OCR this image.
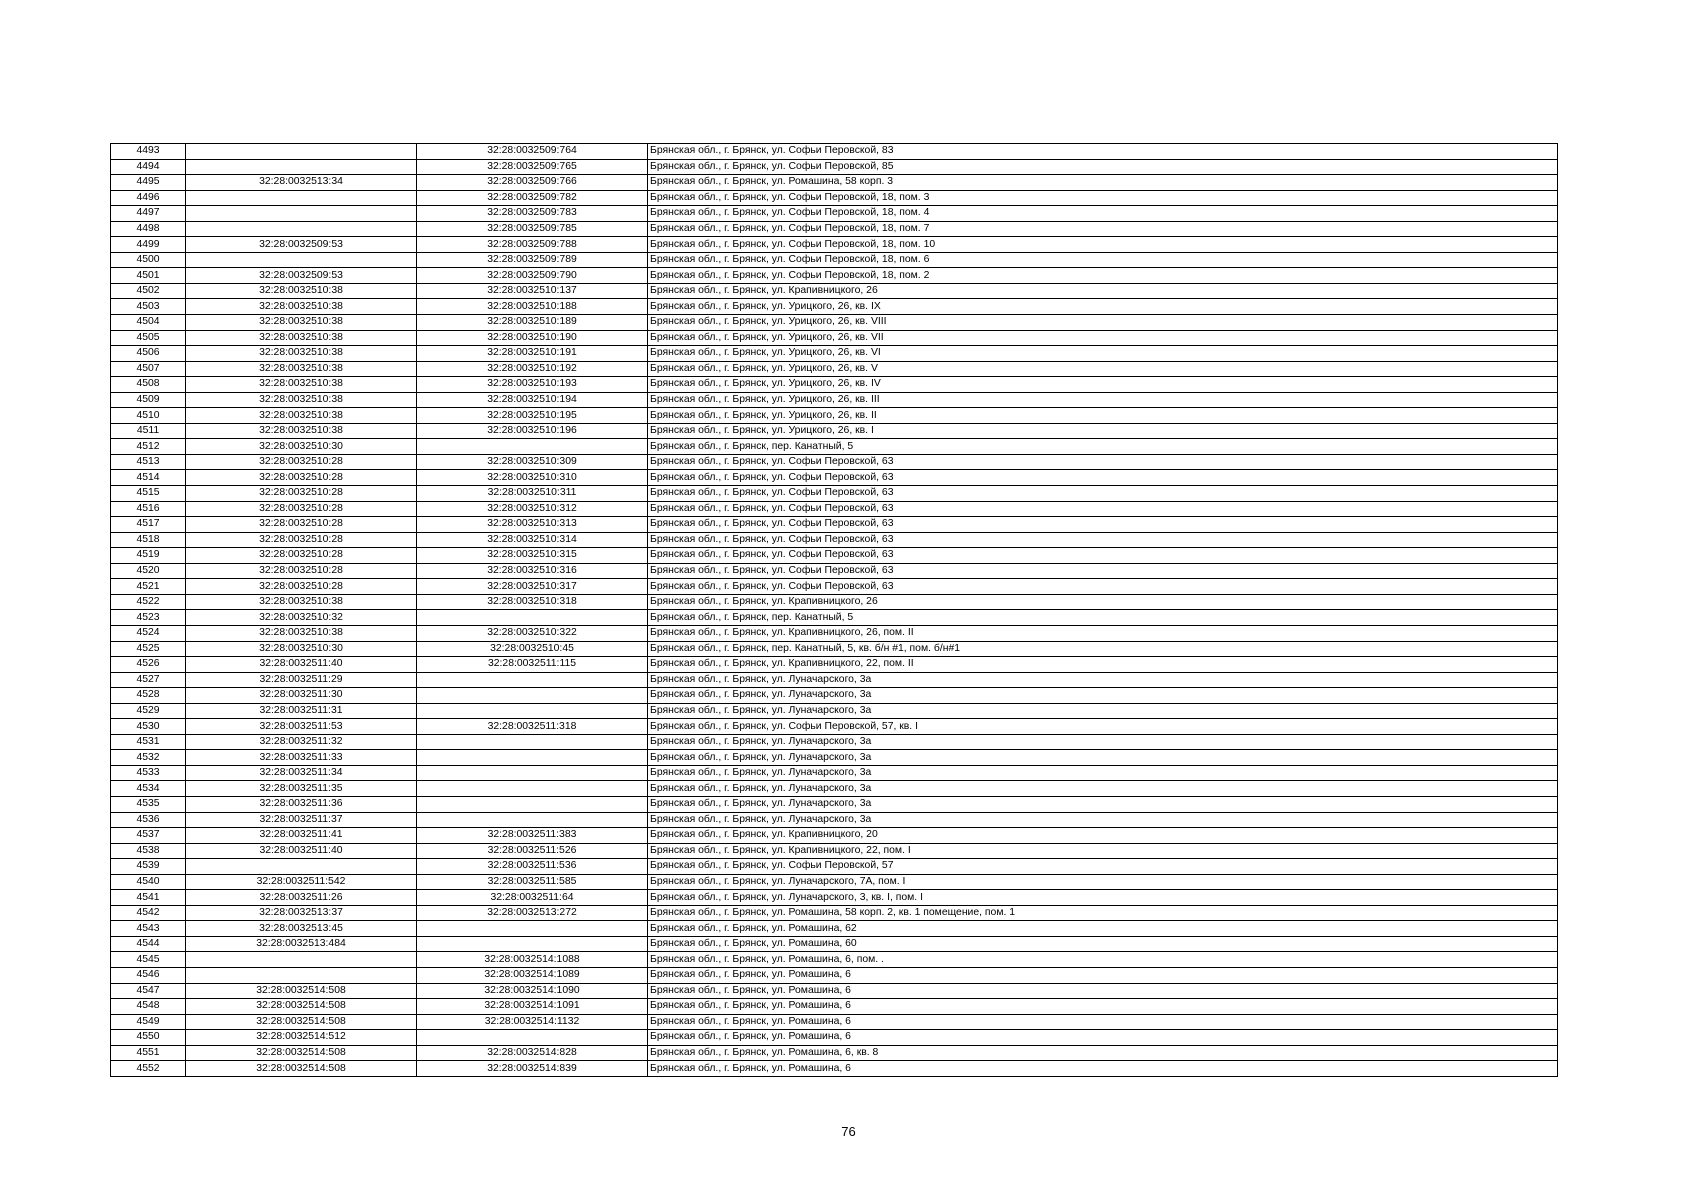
4493		32:28:0032509:764	Брянская обл., г. Брянск, ул. Софьи Перовской, 83
4494		32:28:0032509:765	Брянская обл., г. Брянск, ул. Софьи Перовской, 85
4495	32:28:0032513:34	32:28:0032509:766	Брянская обл., г. Брянск, ул. Ромашина, 58 корп. 3
4496		32:28:0032509:782	Брянская обл., г. Брянск, ул. Софьи Перовской, 18, пом. 3
4497		32:28:0032509:783	Брянская обл., г. Брянск, ул. Софьи Перовской, 18, пом. 4
4498		32:28:0032509:785	Брянская обл., г. Брянск, ул. Софьи Перовской, 18, пом. 7
4499	32:28:0032509:53	32:28:0032509:788	Брянская обл., г. Брянск, ул. Софьи Перовской, 18, пом. 10
4500		32:28:0032509:789	Брянская обл., г. Брянск, ул. Софьи Перовской, 18, пом. 6
4501	32:28:0032509:53	32:28:0032509:790	Брянская обл., г. Брянск, ул. Софьи Перовской, 18, пом. 2
4502	32:28:0032510:38	32:28:0032510:137	Брянская обл., г. Брянск, ул. Крапивницкого, 26
4503	32:28:0032510:38	32:28:0032510:188	Брянская обл., г. Брянск, ул. Урицкого, 26, кв. IX
4504	32:28:0032510:38	32:28:0032510:189	Брянская обл., г. Брянск, ул. Урицкого, 26, кв. VIII
4505	32:28:0032510:38	32:28:0032510:190	Брянская обл., г. Брянск, ул. Урицкого, 26, кв. VII
4506	32:28:0032510:38	32:28:0032510:191	Брянская обл., г. Брянск, ул. Урицкого, 26, кв. VI
4507	32:28:0032510:38	32:28:0032510:192	Брянская обл., г. Брянск, ул. Урицкого, 26, кв. V
4508	32:28:0032510:38	32:28:0032510:193	Брянская обл., г. Брянск, ул. Урицкого, 26, кв. IV
4509	32:28:0032510:38	32:28:0032510:194	Брянская обл., г. Брянск, ул. Урицкого, 26, кв. III
4510	32:28:0032510:38	32:28:0032510:195	Брянская обл., г. Брянск, ул. Урицкого, 26, кв. II
4511	32:28:0032510:38	32:28:0032510:196	Брянская обл., г. Брянск, ул. Урицкого, 26, кв. I
4512	32:28:0032510:30		Брянская обл., г. Брянск, пер. Канатный, 5
4513	32:28:0032510:28	32:28:0032510:309	Брянская обл., г. Брянск, ул. Софьи Перовской, 63
4514	32:28:0032510:28	32:28:0032510:310	Брянская обл., г. Брянск, ул. Софьи Перовской, 63
4515	32:28:0032510:28	32:28:0032510:311	Брянская обл., г. Брянск, ул. Софьи Перовской, 63
4516	32:28:0032510:28	32:28:0032510:312	Брянская обл., г. Брянск, ул. Софьи Перовской, 63
4517	32:28:0032510:28	32:28:0032510:313	Брянская обл., г. Брянск, ул. Софьи Перовской, 63
4518	32:28:0032510:28	32:28:0032510:314	Брянская обл., г. Брянск, ул. Софьи Перовской, 63
4519	32:28:0032510:28	32:28:0032510:315	Брянская обл., г. Брянск, ул. Софьи Перовской, 63
4520	32:28:0032510:28	32:28:0032510:316	Брянская обл., г. Брянск, ул. Софьи Перовской, 63
4521	32:28:0032510:28	32:28:0032510:317	Брянская обл., г. Брянск, ул. Софьи Перовской, 63
4522	32:28:0032510:38	32:28:0032510:318	Брянская обл., г. Брянск, ул. Крапивницкого, 26
4523	32:28:0032510:32		Брянская обл., г. Брянск, пер. Канатный, 5
4524	32:28:0032510:38	32:28:0032510:322	Брянская обл., г. Брянск, ул. Крапивницкого, 26, пом. II
4525	32:28:0032510:30	32:28:0032510:45	Брянская обл., г. Брянск, пер. Канатный, 5, кв. б/н #1, пом. б/н#1
4526	32:28:0032511:40	32:28:0032511:115	Брянская обл., г. Брянск, ул. Крапивницкого, 22, пом. II
4527	32:28:0032511:29		Брянская обл., г. Брянск, ул. Луначарского, 3а
4528	32:28:0032511:30		Брянская обл., г. Брянск, ул. Луначарского, 3а
4529	32:28:0032511:31		Брянская обл., г. Брянск, ул. Луначарского, 3а
4530	32:28:0032511:53	32:28:0032511:318	Брянская обл., г. Брянск, ул. Софьи Перовской, 57, кв. I
4531	32:28:0032511:32		Брянская обл., г. Брянск, ул. Луначарского, 3а
4532	32:28:0032511:33		Брянская обл., г. Брянск, ул. Луначарского, 3а
4533	32:28:0032511:34		Брянская обл., г. Брянск, ул. Луначарского, 3а
4534	32:28:0032511:35		Брянская обл., г. Брянск, ул. Луначарского, 3а
4535	32:28:0032511:36		Брянская обл., г. Брянск, ул. Луначарского, 3а
4536	32:28:0032511:37		Брянская обл., г. Брянск, ул. Луначарского, 3а
4537	32:28:0032511:41	32:28:0032511:383	Брянская обл., г. Брянск, ул. Крапивницкого, 20
4538	32:28:0032511:40	32:28:0032511:526	Брянская обл., г. Брянск, ул. Крапивницкого, 22, пом. I
4539		32:28:0032511:536	Брянская обл., г. Брянск, ул. Софьи Перовской, 57
4540	32:28:0032511:542	32:28:0032511:585	Брянская обл., г. Брянск, ул. Луначарского, 7А, пом. I
4541	32:28:0032511:26	32:28:0032511:64	Брянская обл., г. Брянск, ул. Луначарского, 3, кв. I, пом. I
4542	32:28:0032513:37	32:28:0032513:272	Брянская обл., г. Брянск, ул. Ромашина, 58 корп. 2, кв. 1 помещение, пом. 1
4543	32:28:0032513:45		Брянская обл., г. Брянск, ул. Ромашина, 62
4544	32:28:0032513:484		Брянская обл., г. Брянск, ул. Ромашина, 60
4545		32:28:0032514:1088	Брянская обл., г. Брянск, ул. Ромашина, 6, пом. .
4546		32:28:0032514:1089	Брянская обл., г. Брянск, ул. Ромашина, 6
4547	32:28:0032514:508	32:28:0032514:1090	Брянская обл., г. Брянск, ул. Ромашина, 6
4548	32:28:0032514:508	32:28:0032514:1091	Брянская обл., г. Брянск, ул. Ромашина, 6
4549	32:28:0032514:508	32:28:0032514:1132	Брянская обл., г. Брянск, ул. Ромашина, 6
4550	32:28:0032514:512		Брянская обл., г. Брянск, ул. Ромашина, 6
4551	32:28:0032514:508	32:28:0032514:828	Брянская обл., г. Брянск, ул. Ромашина, 6, кв. 8
4552	32:28:0032514:508	32:28:0032514:839	Брянская обл., г. Брянск, ул. Ромашина, 6
76
